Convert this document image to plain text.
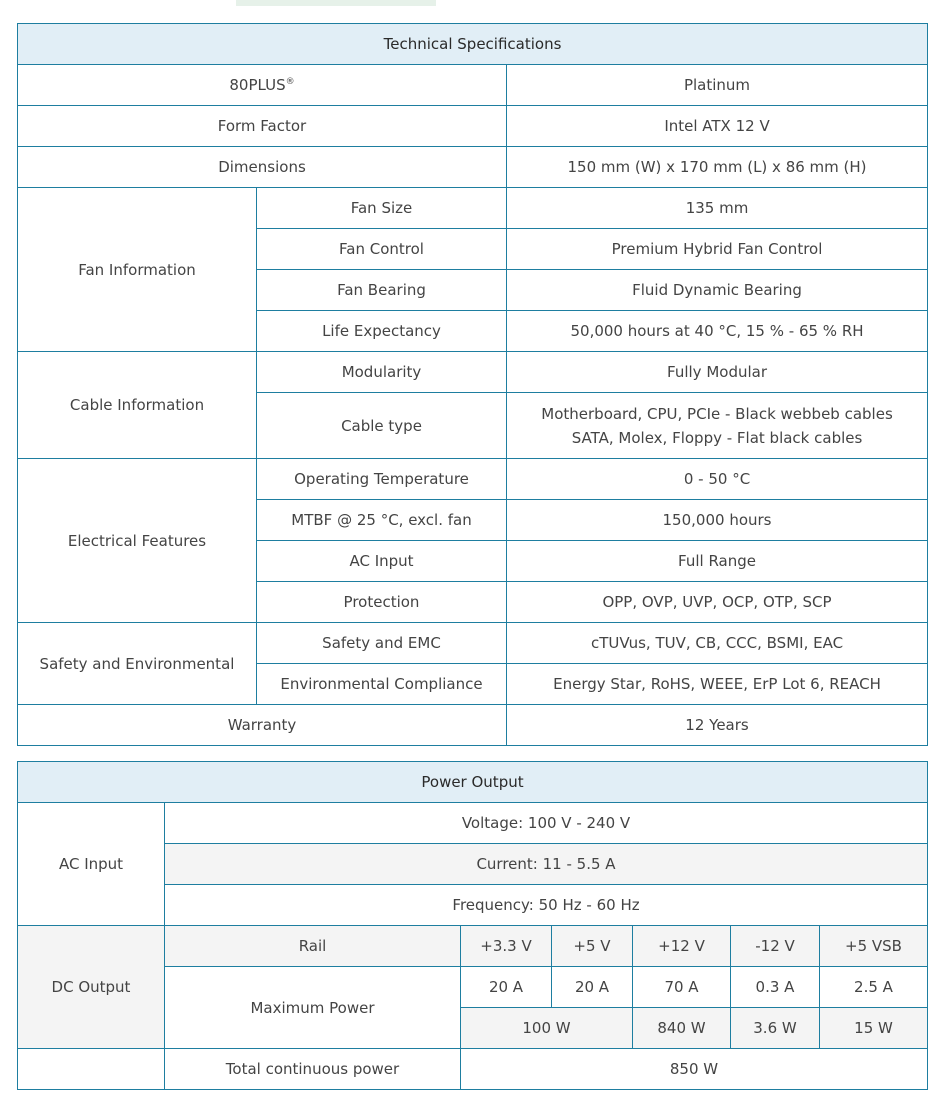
Technical Specifications		
80PLUS®		Platinum
Form Factor		Intel ATX 12 V
Dimensions		150 mm (W) x 170 mm (L) x 86 mm (H)
Fan Information	Fan Size	135 mm
	Fan Control	Premium Hybrid Fan Control
	Fan Bearing	Fluid Dynamic Bearing
	Life Expectancy	50,000 hours at 40 °C, 15 % - 65 % RH
Cable Information	Modularity	Fully Modular
	Cable type	Motherboard, CPU, PCIe - Black webbeb cables
SATA, Molex, Floppy - Flat black cables

Electrical Features	Operating Temperature	0 - 50 °C
	MTBF @ 25 °C, excl. fan	150,000 hours
	AC Input	Full Range
	Protection	OPP, OVP, UVP, OCP, OTP, SCP
Safety and Environmental	Safety and EMC	cTUVus, TUV, CB, CCC, BSMI, EAC
	Environmental Compliance	Energy Star, RoHS, WEEE, ErP Lot 6, REACH
Warranty		12 Years
Power Output						
AC Input	Voltage: 100 V - 240 V					
	Current: 11 - 5.5 A					
	Frequency: 50 Hz - 60 Hz					
DC Output	Rail	+3.3 V	+5 V	+12 V	-12 V	+5 VSB
	Maximum Power	20 A	20 A	70 A	0.3 A	2.5 A
		100 W		840 W	3.6 W	15 W
	Total continuous power	850 W				
